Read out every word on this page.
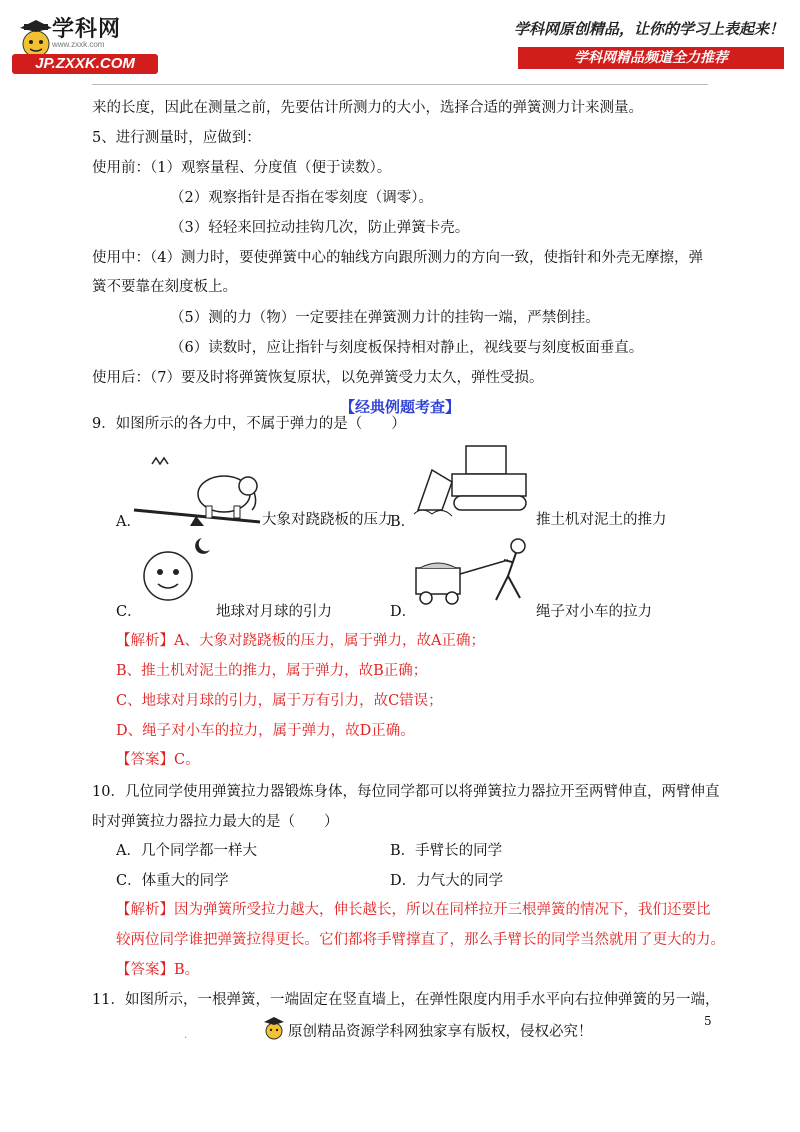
学科网
www.zxxk.com
JP.ZXXK.COM
学科网原创精品，让你的学习上表起来！
学科网精品频道全力推荐
来的长度，因此在测量之前，先要估计所测力的大小，选择合适的弹簧测力计来测量。
5、进行测量时，应做到：
使用前：（1）观察量程、分度值（便于读数）。
（2）观察指针是否指在零刻度（调零）。
（3）轻轻来回拉动挂钩几次，防止弹簧卡壳。
使用中：（4）测力时，要使弹簧中心的轴线方向跟所测力的方向一致，使指针和外壳无摩擦，弹
簧不要靠在刻度板上。
（5）测的力（物）一定要挂在弹簧测力计的挂钩一端，严禁倒挂。
（6）读数时，应让指针与刻度板保持相对静止，视线要与刻度板面垂直。
使用后：（7）要及时将弹簧恢复原状，以免弹簧受力太久，弹性受损。
【经典例题考查】
9．如图所示的各力中，不属于弹力的是（　　）
A．	大象对跷跷板的压力
B．	推土机对泥土的推力
C．	地球对月球的引力	D．	绳子对小车的拉力
【解析】A、大象对跷跷板的压力，属于弹力，故A正确；
B、推土机对泥土的推力，属于弹力，故B正确；
C、地球对月球的引力，属于万有引力，故C错误；
D、绳子对小车的拉力，属于弹力，故D正确。
【答案】C。
10．几位同学使用弹簧拉力器锻炼身体，每位同学都可以将弹簧拉力器拉开至两臂伸直，两臂伸直
时对弹簧拉力器拉力最大的是（　　）
A．几个同学都一样大	B．手臂长的同学
C．体重大的同学	D．力气大的同学
【解析】因为弹簧所受拉力越大，伸长越长，所以在同样拉开三根弹簧的情况下，我们还要比
较两位同学谁把弹簧拉得更长。它们都将手臂撑直了，那么手臂长的同学当然就用了更大的力。
【答案】B。
11．如图所示，一根弹簧，一端固定在竖直墙上，在弹性限度内用手水平向右拉伸弹簧的另一端，
5
.	原创精品资源学科网独家享有版权，侵权必究！
